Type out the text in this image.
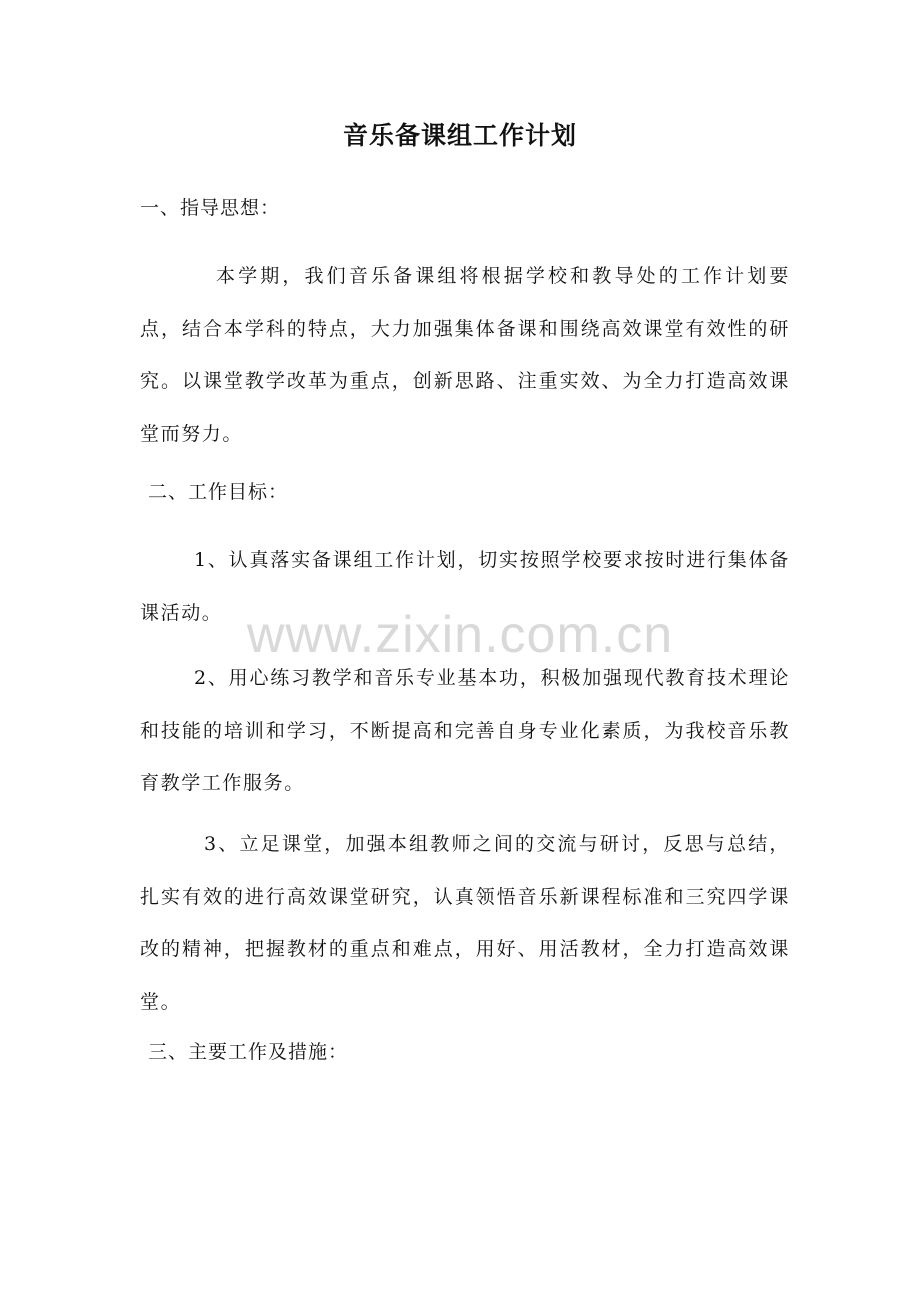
音乐备课组工作计划
一、指导思想：
本学期，我们音乐备课组将根据学校和教导处的工作计划要点，结合本学科的特点，大力加强集体备课和围绕高效课堂有效性的研究。以课堂教学改革为重点，创新思路、注重实效、为全力打造高效课堂而努力。
二、工作目标：
1、认真落实备课组工作计划，切实按照学校要求按时进行集体备课活动。
2、用心练习教学和音乐专业基本功，积极加强现代教育技术理论和技能的培训和学习，不断提高和完善自身专业化素质，为我校音乐教育教学工作服务。
3、立足课堂，加强本组教师之间的交流与研讨，反思与总结，扎实有效的进行高效课堂研究，认真领悟音乐新课程标准和三究四学课改的精神，把握教材的重点和难点，用好、用活教材，全力打造高效课堂。
三、主要工作及措施：
www.zixin.com.cn
